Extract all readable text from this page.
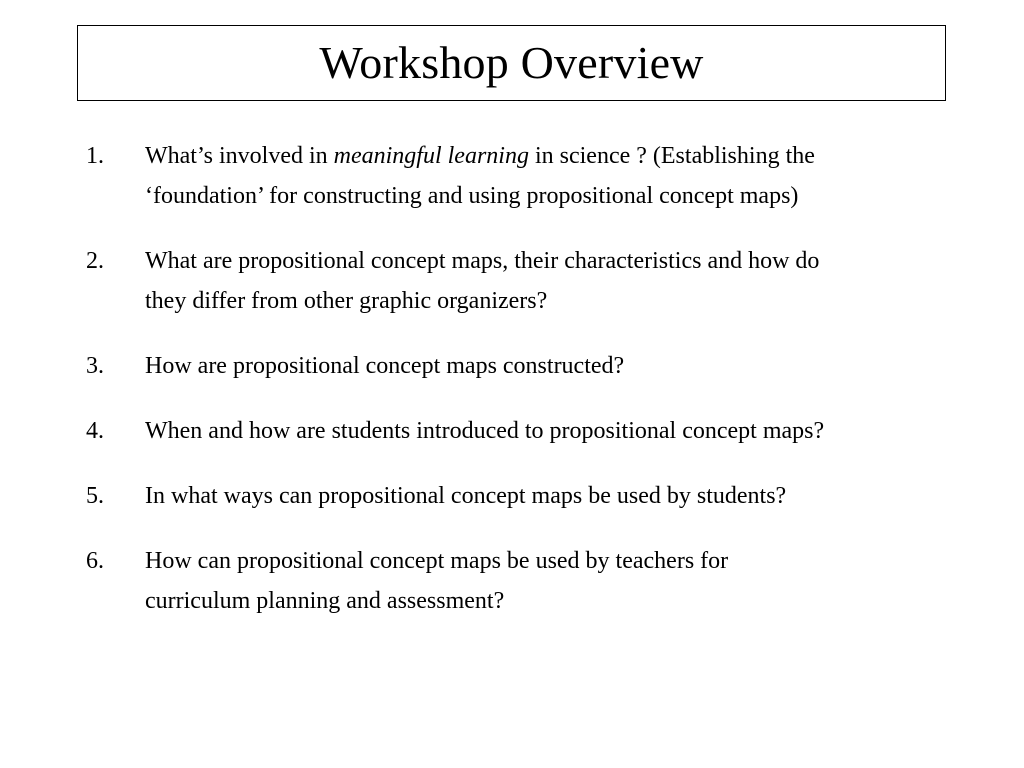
Workshop Overview
1.	What’s involved in meaningful learning in science ? (Establishing the
‘foundation’ for constructing and using propositional concept maps)
2.	What are propositional concept maps, their characteristics and how do
they differ from other graphic organizers?
3.	How are propositional concept maps constructed?
4.	When and how are students introduced to propositional concept maps?
5.	In what ways can propositional concept maps be used by students?
6.	How can propositional concept maps be used by teachers for
curriculum planning and assessment?
